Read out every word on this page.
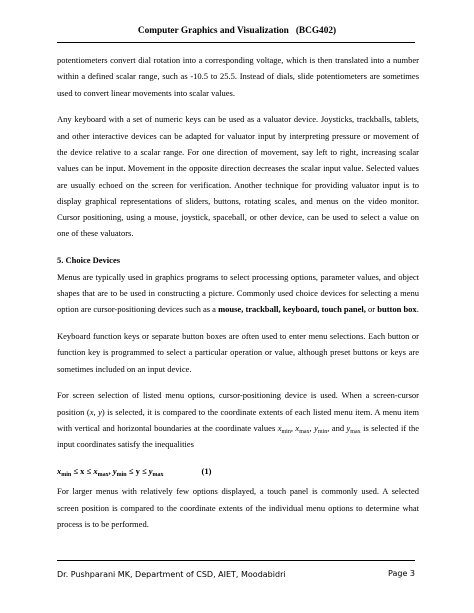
Computer Graphics and Visualization (BCG402)

potentiometers convert dial rotation into a corresponding voltage, which is then translated into a number within a defined scalar range, such as -10.5 to 25.5. Instead of dials, slide potentiometers are sometimes used to convert linear movements into scalar values.

Any keyboard with a set of numeric keys can be used as a valuator device. Joysticks, trackballs, tablets, and other interactive devices can be adapted for valuator input by interpreting pressure or movement of the device relative to a scalar range. For one direction of movement, say left to right, increasing scalar values can be input. Movement in the opposite direction decreases the scalar input value. Selected values are usually echoed on the screen for verification. Another technique for providing valuator input is to display graphical representations of sliders, buttons, rotating scales, and menus on the video monitor. Cursor positioning, using a mouse, joystick, spaceball, or other device, can be used to select a value on one of these valuators.

5. Choice Devices

Menus are typically used in graphics programs to select processing options, parameter values, and object shapes that are to be used in constructing a picture. Commonly used choice devices for selecting a menu option are cursor-positioning devices such as a mouse, trackball, keyboard, touch panel, or button box.

Keyboard function keys or separate button boxes are often used to enter menu selections. Each button or function key is programmed to select a particular operation or value, although preset buttons or keys are sometimes included on an input device.

For screen selection of listed menu options, cursor-positioning device is used. When a screen-cursor position (x, y) is selected, it is compared to the coordinate extents of each listed menu item. A menu item with vertical and horizontal boundaries at the coordinate values $x_{min}$, $x_{max}$, $y_{min}$, and $y_{max}$ is selected if the input coordinates satisfy the inequalities

$x_{min} \le x \le x_{max}$, $y_{min} \le y \le y_{max}$	(1)

For larger menus with relatively few options displayed, a touch panel is commonly used. A selected screen position is compared to the coordinate extents of the individual menu options to determine what process is to be performed.

Dr. Pushparani MK, Department of CSD, AIET, Moodabidri	Page 3
